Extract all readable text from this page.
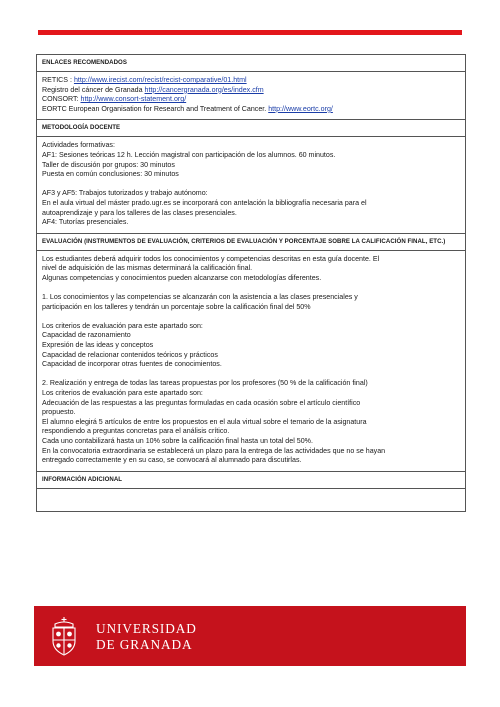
ENLACES RECOMENDADOS
RETICS : http://www.irecist.com/recist/recist-comparative/01.html
Registro del cáncer de Granada http://cancergranada.org/es/index.cfm
CONSORT: http://www.consort-statement.org/
EORTC European Organisation for Research and Treatment of Cancer. http://www.eortc.org/
METODOLOGÍA DOCENTE
Actividades formativas:
AF1: Sesiones teóricas 12 h. Lección magistral con participación de los alumnos. 60 minutos.
Taller de discusión por grupos: 30 minutos
Puesta en común conclusiones: 30 minutos
AF3 y AF5: Trabajos tutorizados y trabajo autónomo:
En el aula virtual del máster prado.ugr.es se incorporará con antelación la bibliografía necesaria para el
autoaprendizaje y para los talleres de las clases presenciales.
AF4: Tutorías presenciales.
EVALUACIÓN (INSTRUMENTOS DE EVALUACIÓN, CRITERIOS DE EVALUACIÓN Y PORCENTAJE SOBRE LA CALIFICACIÓN FINAL, ETC.)
Los estudiantes deberá adquirir todos los conocimientos y competencias descritas en esta guía docente. El
nivel de adquisición de las mismas determinará la calificación final.
Algunas competencias y conocimientos pueden alcanzarse con metodologías diferentes.
1. Los conocimientos y las competencias se alcanzarán con la asistencia a las clases presenciales y
participación en los talleres y tendrán un porcentaje sobre la calificación final del 50%
Los criterios de evaluación para este apartado son:
Capacidad de razonamiento
Expresión de las ideas y conceptos
Capacidad de relacionar contenidos teóricos y prácticos
Capacidad de incorporar otras fuentes de conocimientos.
2. Realización y entrega de todas las tareas propuestas por los profesores (50 % de la calificación final)
Los criterios de evaluación para este apartado son:
Adecuación de las respuestas a las preguntas formuladas en cada ocasión sobre el artículo científico
propuesto.
El alumno elegirá 5 artículos de entre los propuestos en el aula virtual sobre el temario de la asignatura
respondiendo a preguntas concretas para el análisis crítico.
Cada uno contabilizará hasta un 10% sobre la calificación final hasta un total del 50%.
En la convocatoria extraordinaria se establecerá un plazo para la entrega de las actividades que no se hayan
entregado correctamente y en su caso, se convocará al alumnado para discutirlas.
INFORMACIÓN ADICIONAL
UNIVERSIDAD
DE GRANADA
